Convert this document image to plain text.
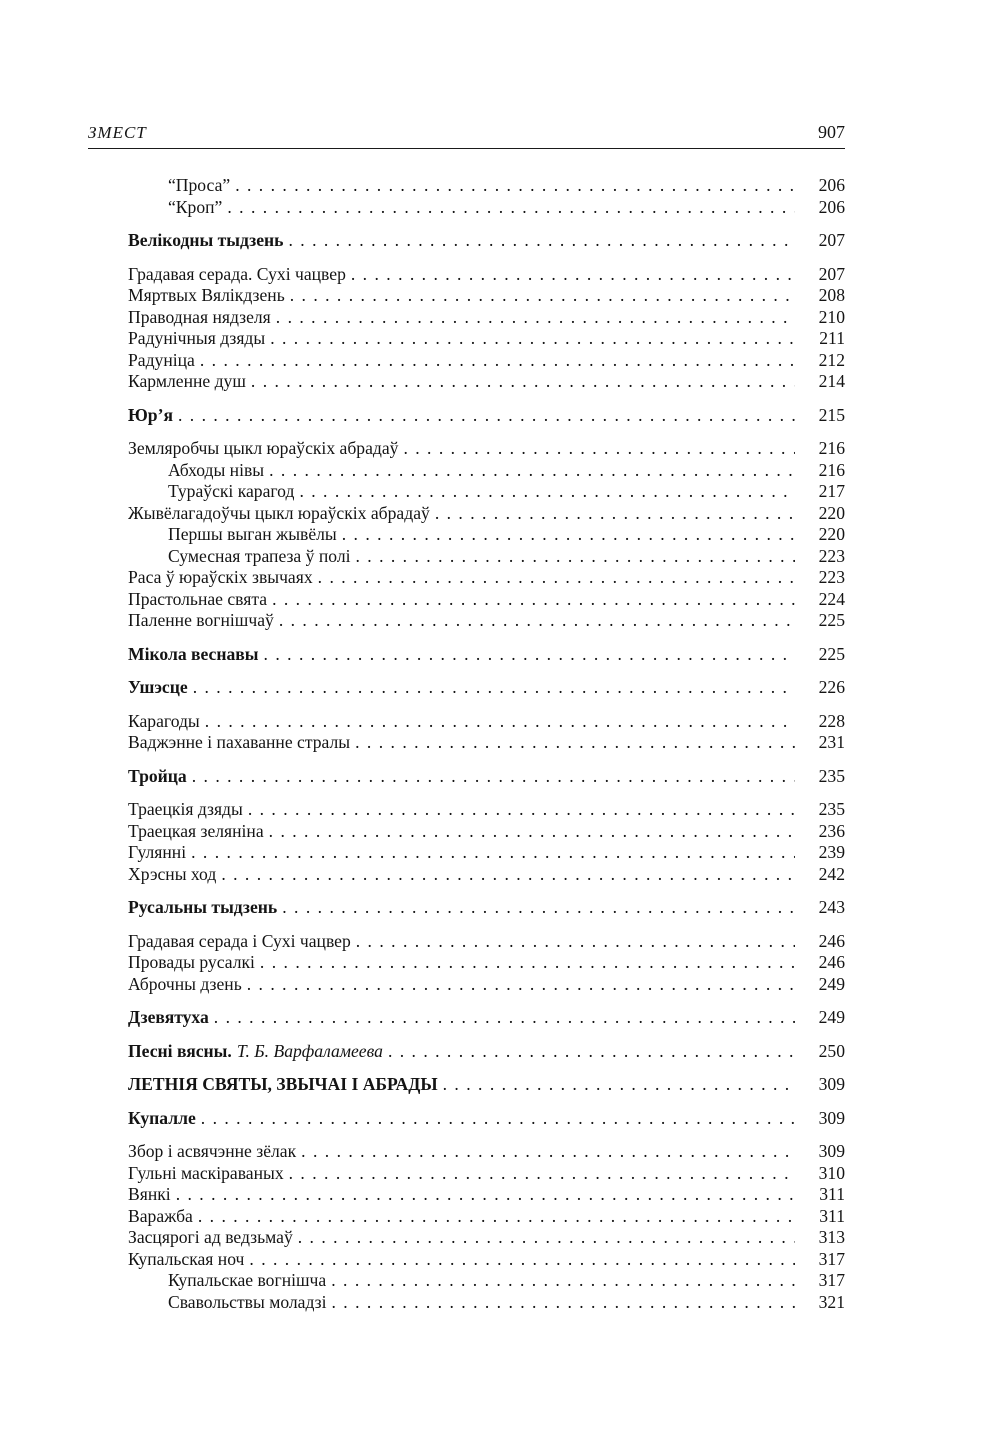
ЗМЕСТ	907
“Проса” . . .	206
“Кроп” . . .	206
Велікодны тыдзень . . .	207
Градавая серада. Сухі чацвер . . .	207
Мяртвых Вялікдзень . . .	208
Праводная нядзеля . . .	210
Радунічныя дзяды . . .	211
Радуніца . . .	212
Кармленне душ . . .	214
Юр’я . . .	215
Земляробчы цыкл юраўскіх абрадаў . . .	216
Абходы нівы . . .	216
Тураўскі карагод . . .	217
Жывёлагадоўчы цыкл юраўскіх абрадаў . . .	220
Першы выган жывёлы . . .	220
Сумесная трапеза ў полі . . .	223
Раса ў юраўскіх звычаях . . .	223
Прастольнае свята . . .	224
Паленне вогнішчаў . . .	225
Мікола веснавы . . .	225
Ушэсце . . .	226
Карагоды . . .	228
Ваджэнне і пахаванне стралы . . .	231
Тройца . . .	235
Траецкія дзяды . . .	235
Траецкая зеляніна . . .	236
Гулянні . . .	239
Хрэсны ход . . .	242
Русальны тыдзень . . .	243
Градавая серада і Сухі чацвер . . .	246
Провады русалкі . . .	246
Аброчны дзень . . .	249
Дзевятуха . . .	249
Песні вясны. Т. Б. Варфаламеева . . .	250
ЛЕТНІЯ СВЯТЫ, ЗВЫЧАІ І АБРАДЫ . . .	309
Купалле . . .	309
Збор і асвячэнне зёлак . . .	309
Гульні маскіраваных . . .	310
Вянкі . . .	311
Варажба . . .	311
Засцярогі ад ведзьмаў . . .	313
Купальская ноч . . .	317
Купальскае вогнішча . . .	317
Свавольствы моладзі . . .	321
